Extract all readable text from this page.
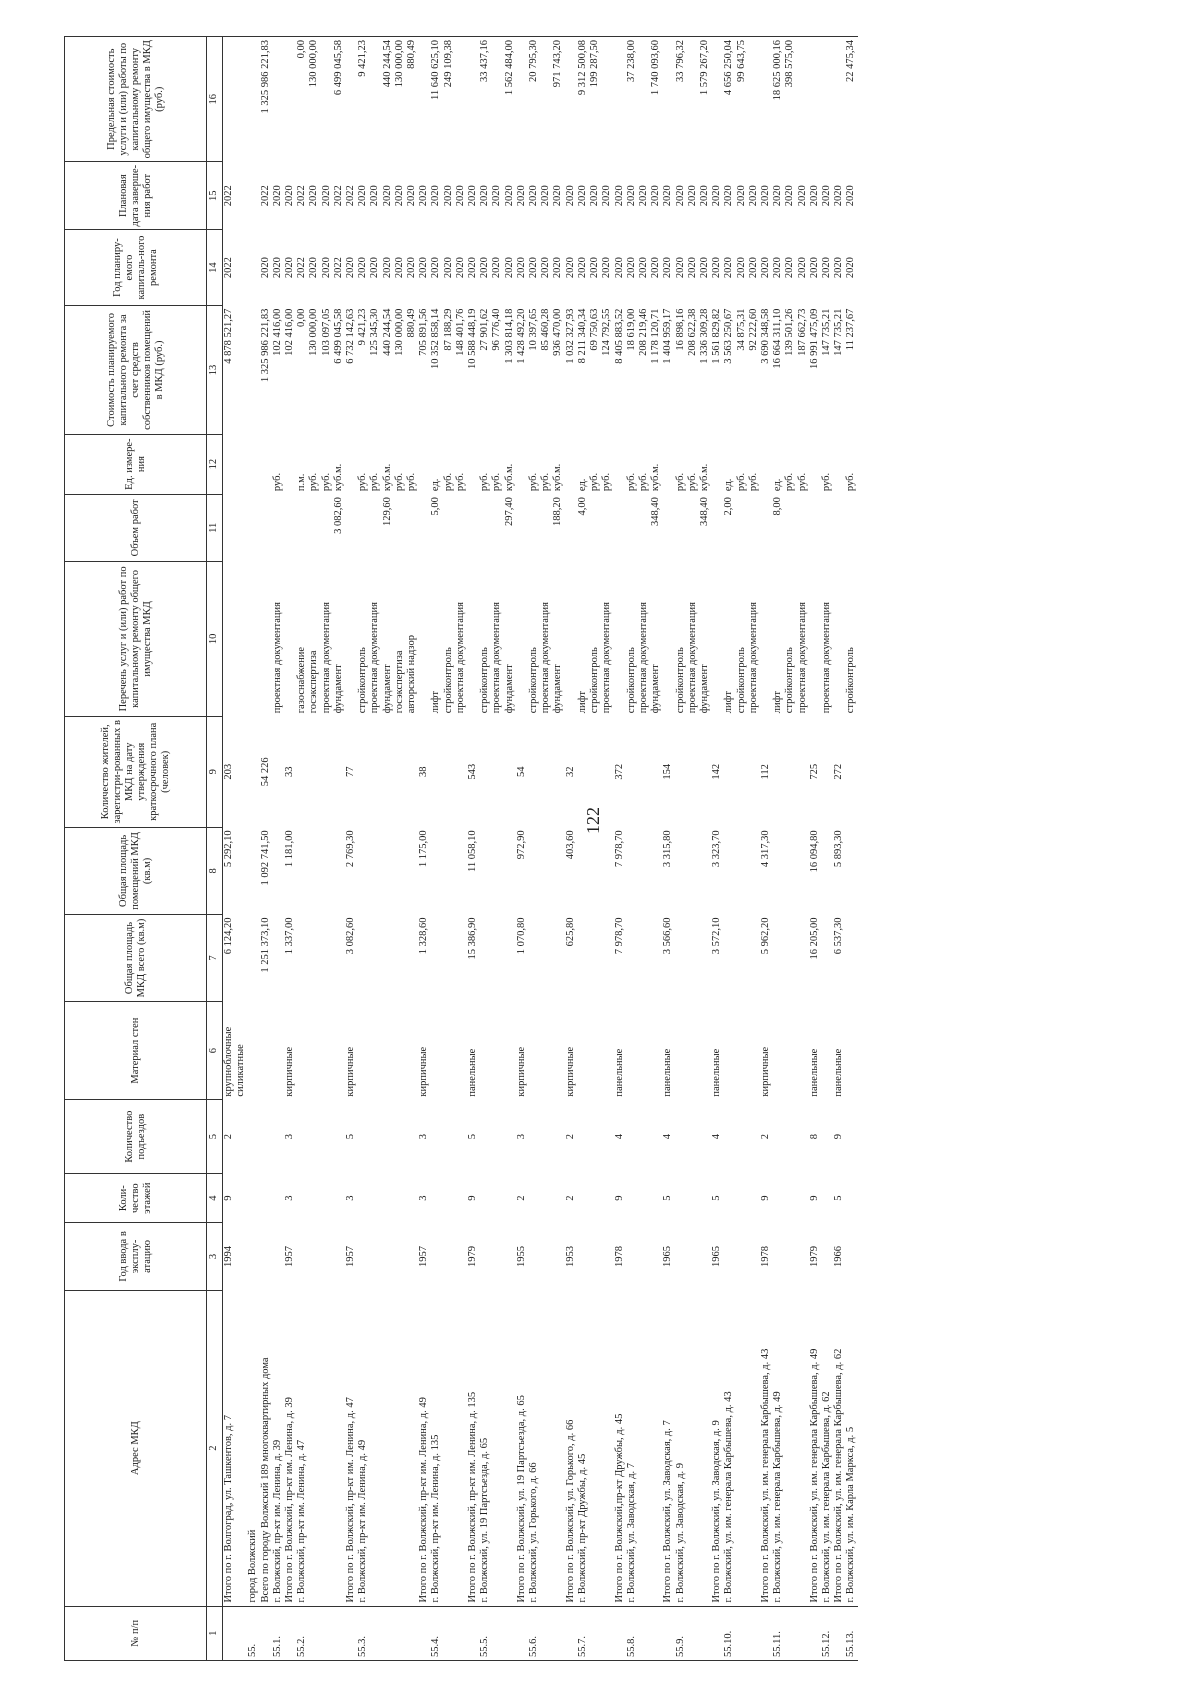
122
№ п/п	Адрес МКД	Год ввода в эксплу-атацию	Коли-чество этажей	Количество подъездов	Материал стен	Общая площадь МКД всего (кв.м)	Общая площадь помещений МКД (кв.м)	Количество жителей, зарегистри-рованных в МКД на дату утверждения краткосрочного плана (человек)	Перечень услуг и (или) работ по капитальному ремонту общего имущества МКД	Объем работ	Ед. измере-ния	Стоимость планируемого капитального ремонта за счет средств собственников помещений в МКД (руб.)	Год планиру-емого капиталь-ного ремонта	Плановая дата заверше-ния работ	Предельная стоимость услуги и (или) работы по капитальному ремонту общего имущества в МКД (руб.)
1	2	3	4	5	6	7	8	9	10	11	12	13	14	15	16
	Итого по г. Волгоград, ул. Ташкентов, д. 7	1994	9	2	крупноблочные	6 124,20	5 292,10	203				4 878 521,27	2022	2022	
					силикатные										
55.	город Волжский														
	Всего по городу Волжский 189 многоквартирных дома					1 251 373,10	1 092 741,50	54 226				1 325 986 221,83	2020	2022	1 325 986 221,83
55.1.	г. Волжский, пр-кт им. Ленина, д. 39								проектная документация		руб.	102 416,00	2020	2020	
	Итого по г. Волжский, пр-кт им. Ленина, д. 39	1957	3	3	кирпичные	1 337,00	1 181,00	33				102 416,00	2020	2020	
55.2.	г. Волжский, пр-кт им. Ленина, д. 47								газоснабжение		п.м.	0,00	2022	2022	0,00
									госэкспертиза		руб.	130 000,00	2020	2020	130 000,00
									проектная документация		руб.	103 097,05	2020	2020	
									фундамент	3 082,60	куб.м.	6 499 045,58	2022	2022	6 499 045,58
	Итого по г. Волжский, пр-кт им. Ленина, д. 47	1957	3	5	кирпичные	3 082,60	2 769,30	77				6 732 142,63	2020	2022	
55.3.	г. Волжский, пр-кт им. Ленина, д. 49								стройконтроль		руб.	9 421,23	2020	2020	9 421,23
									проектная документация		руб.	125 345,30	2020	2020	
									фундамент	129,60	куб.м.	440 244,54	2020	2020	440 244,54
									госэкспертиза		руб.	130 000,00	2020	2020	130 000,00
									авторский надзор		руб.	880,49	2020	2020	880,49
	Итого по г. Волжский, пр-кт им. Ленина, д. 49	1957	3	3	кирпичные	1 328,60	1 175,00	38				705 891,56	2020	2020	
55.4.	г. Волжский, пр-кт им. Ленина, д. 135								лифт	5,00	ед.	10 352 858,14	2020	2020	11 640 625,10
									стройконтроль		руб.	87 188,29	2020	2020	249 109,38
									проектная документация		руб.	148 401,76	2020	2020	
	Итого по г. Волжский, пр-кт им. Ленина, д. 135	1979	9	5	панельные	15 386,90	11 058,10	543				10 588 448,19	2020	2020	
55.5.	г. Волжский, ул. 19 Партсъезда, д. 65								стройконтроль		руб.	27 901,62	2020	2020	33 437,16
									проектная документация		руб.	96 776,40	2020	2020	
									фундамент	297,40	куб.м.	1 303 814,18	2020	2020	1 562 484,00
	Итого по г. Волжский, ул. 19 Партсъезда, д. 65	1955	2	3	кирпичные	1 070,80	972,90	54				1 428 492,20	2020	2020	
55.6.	г. Волжский, ул. Горького, д. 66								стройконтроль		руб.	10 397,65	2020	2020	20 795,30
									проектная документация		руб.	85 460,28	2020	2020	
									фундамент	188,20	куб.м.	936 470,00	2020	2020	971 743,20
	Итого по г. Волжский, ул. Горького, д. 66	1953	2	2	кирпичные	625,80	403,60	32				1 032 327,93	2020	2020	
55.7.	г. Волжский, пр-кт Дружбы, д. 45								лифт	4,00	ед.	8 211 340,34	2020	2020	9 312 500,08
									стройконтроль		руб.	69 750,63	2020	2020	199 287,50
									проектная документация		руб.	124 792,55	2020	2020	
	Итого по г. Волжский,пр-кт Дружбы, д. 45	1978	9	4	панельные	7 978,70	7 978,70	372				8 405 883,52	2020	2020	
55.8.	г. Волжский, ул. Заводская, д. 7								стройконтроль		руб.	18 619,00	2020	2020	37 238,00
									проектная документация		руб.	208 219,46	2020	2020	
									фундамент	348,40	куб.м.	1 178 120,71	2020	2020	1 740 093,60
	Итого по г. Волжский, ул. Заводская, д. 7	1965	5	4	панельные	3 566,60	3 315,80	154				1 404 959,17	2020	2020	
55.9.	г. Волжский, ул. Заводская, д. 9								стройконтроль		руб.	16 898,16	2020	2020	33 796,32
									проектная документация		руб.	208 622,38	2020	2020	
									фундамент	348,40	куб.м.	1 336 309,28	2020	2020	1 579 267,20
	Итого по г. Волжский, ул. Заводская, д. 9	1965	5	4	панельные	3 572,10	3 323,70	142				1 561 829,82	2020	2020	
55.10.	г. Волжский, ул. им. генерала Карбышева, д. 43								лифт	2,00	ед.	3 563 250,67	2020	2020	4 656 250,04
									стройконтроль		руб.	34 875,31	2020	2020	99 643,75
									проектная документация		руб.	92 222,60	2020	2020	
	Итого по г. Волжский, ул. им. генерала Карбышева, д. 43	1978	9	2	кирпичные	5 962,20	4 317,30	112				3 690 348,58	2020	2020	
55.11.	г. Волжский, ул. им. генерала Карбышева, д. 49								лифт	8,00	ед.	16 664 311,10	2020	2020	18 625 000,16
									стройконтроль		руб.	139 501,26	2020	2020	398 575,00
									проектная документация		руб.	187 662,73	2020	2020	
	Итого по г. Волжский, ул. им. генерала Карбышева, д. 49	1979	9	8	панельные	16 205,00	16 094,80	725				16 991 475,09	2020	2020	
55.12.	г. Волжский, ул. им. генерала Карбышева, д. 62								проектная документация		руб.	147 735,21	2020	2020	
	Итого по г. Волжский, ул. им. генерала Карбышева, д. 62	1966	5	9	панельные	6 537,30	5 893,30	272				147 735,21	2020	2020	
55.13.	г. Волжский, ул. им. Карла Маркса, д. 5								стройконтроль		руб.	11 237,67	2020	2020	22 475,34
